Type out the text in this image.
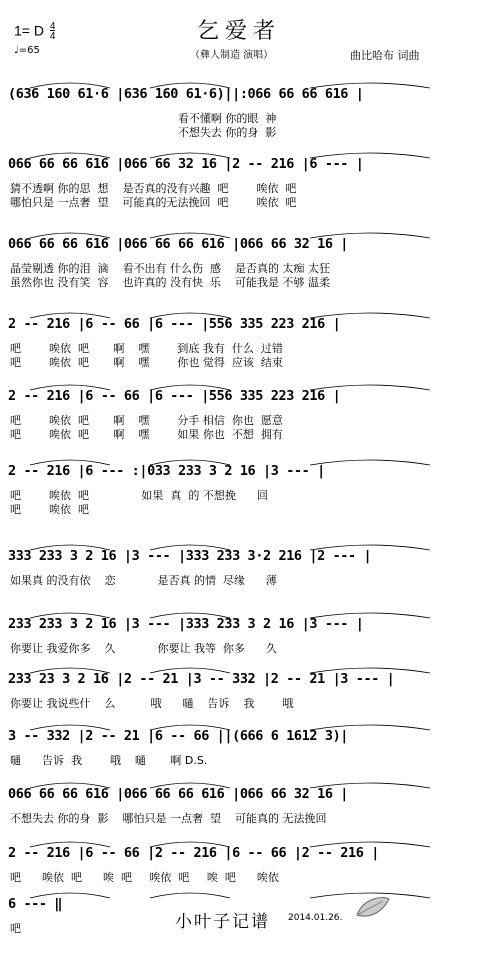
1= D $\frac{4}{4}$
♩=65
乞爱者
（彝人制造 演唱）	曲比哈布 词曲
(636 160 61·6 |636 160 61·6)||:066 66 66 616 |
看不懂啊 你的眼  神
不想失去 你的身  影
066 66 66 616 |066 66 32 16 |2 -- 216 |6 --- |
猜不透啊 你的思  想    是否真的没有兴趣  吧        唉依  吧
哪怕只是 一点奢  望    可能真的无法挽回  吧        唉依  吧
066 66 66 616 |066 66 66 616 |066 66 32 16 |
晶莹剔透 你的泪  滴    看不出有 什么伤  感    是否真的 太痴 太狂
虽然你也 没有笑  容    也许真的 没有快  乐    可能我是 不够 温柔
2 -- 216 |6 -- 66 |6 --- |556 335 223 216 |
吧        唉依  吧       啊    嘿        到底 我有  什么  过错
吧        唉依  吧       啊    嘿        你也 觉得  应该  结束
2 -- 216 |6 -- 66 |6 --- |556 335 223 216 |
吧        唉依  吧       啊    嘿        分手 相信  你也  愿意
吧        唉依  吧       啊    嘿        如果 你也  不想  拥有
2 -- 216 |6 --- :|033 233 3 2 16 |3 --- |
吧        唉依  吧               如果  真  的 不想挽      回
吧        唉依  吧
333 233 3 2 16 |3 --- |333 233 3·2 216 |2 --- |
如果真 的没有依    恋            是否真 的情  尽缘      薄
233 233 3 2 16 |3 --- |333 233 3 2 16 |3 --- |
你要让 我爱你多    久            你要让 我等  你多      久
233 23 3 2 16 |2 -- 21 |3 -- 332 |2 -- 21 |3 --- |
你要让 我说些什    么          哦      嗵    告诉    我        哦
3 -- 332 |2 -- 21 |6 -- 66 ||(666 6 1612 3)|
嗵      告诉  我        哦    嗵       啊 D.S.
066 66 66 616 |066 66 66 616 |066 66 32 16 |
不想失去 你的身  影    哪怕只是 一点奢  望    可能真的 无法挽回
2 -- 216 |6 -- 66 |2 -- 216 |6 -- 66 |2 -- 216 |
吧      唉依  吧      唉  吧     唉依  吧     唉  吧      唉依
6 --- ‖
吧	小叶子记谱 2014.01.26.
